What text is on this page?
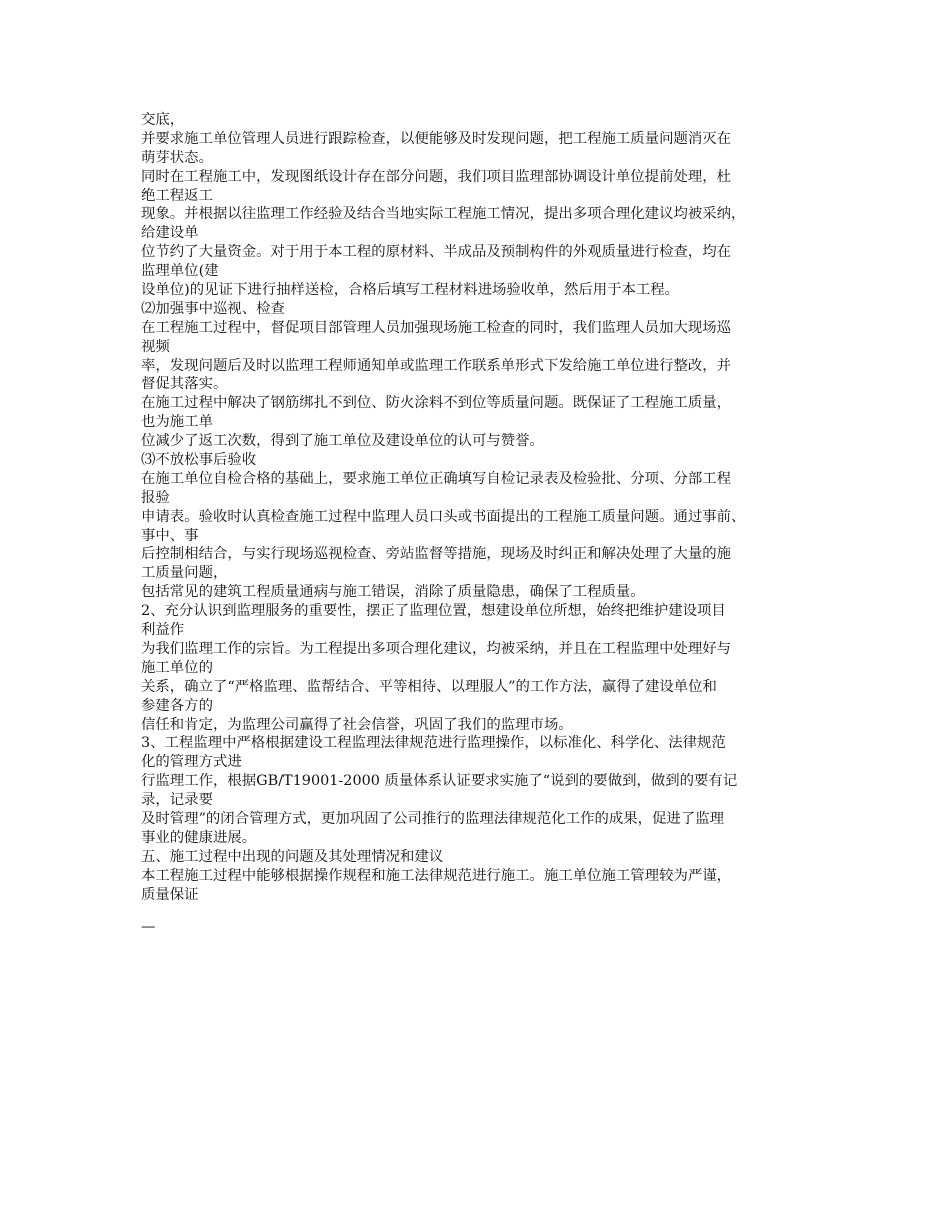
交底，
并要求施工单位管理人员进行跟踪检查，以便能够及时发现问题，把工程施工质量问题消灭在
萌芽状态。
同时在工程施工中，发现图纸设计存在部分问题，我们项目监理部协调设计单位提前处理，杜
绝工程返工
现象。并根据以往监理工作经验及结合当地实际工程施工情况，提出多项合理化建议均被采纳，
给建设单
位节约了大量资金。对于用于本工程的原材料、半成品及预制构件的外观质量进行检查，均在
监理单位(建
设单位)的见证下进行抽样送检，合格后填写工程材料进场验收单，然后用于本工程。
⑵加强事中巡视、检查
在工程施工过程中，督促项目部管理人员加强现场施工检查的同时，我们监理人员加大现场巡
视频
率，发现问题后及时以监理工程师通知单或监理工作联系单形式下发给施工单位进行整改，并
督促其落实。
在施工过程中解决了钢筋绑扎不到位、防火涂料不到位等质量问题。既保证了工程施工质量，
也为施工单
位减少了返工次数，得到了施工单位及建设单位的认可与赞誉。
⑶不放松事后验收
在施工单位自检合格的基础上，要求施工单位正确填写自检记录表及检验批、分项、分部工程
报验
申请表。验收时认真检查施工过程中监理人员口头或书面提出的工程施工质量问题。通过事前、
事中、事
后控制相结合，与实行现场巡视检查、旁站监督等措施，现场及时纠正和解决处理了大量的施
工质量问题，
包括常见的建筑工程质量通病与施工错误，消除了质量隐患，确保了工程质量。
2、充分认识到监理服务的重要性，摆正了监理位置，想建设单位所想，始终把维护建设项目
利益作
为我们监理工作的宗旨。为工程提出多项合理化建议，均被采纳，并且在工程监理中处理好与
施工单位的
关系，确立了“严格监理、监帮结合、平等相待、以理服人”的工作方法，赢得了建设单位和
参建各方的
信任和肯定，为监理公司赢得了社会信誉，巩固了我们的监理市场。
3、工程监理中严格根据建设工程监理法律规范进行监理操作，以标准化、科学化、法律规范
化的管理方式进
行监理工作，根据GB/T19001-2000 质量体系认证要求实施了“说到的要做到，做到的要有记
录，记录要
及时管理”的闭合管理方式，更加巩固了公司推行的监理法律规范化工作的成果，促进了监理
事业的健康进展。
五、施工过程中出现的问题及其处理情况和建议
本工程施工过程中能够根据操作规程和施工法律规范进行施工。施工单位施工管理较为严谨，
质量保证
—
